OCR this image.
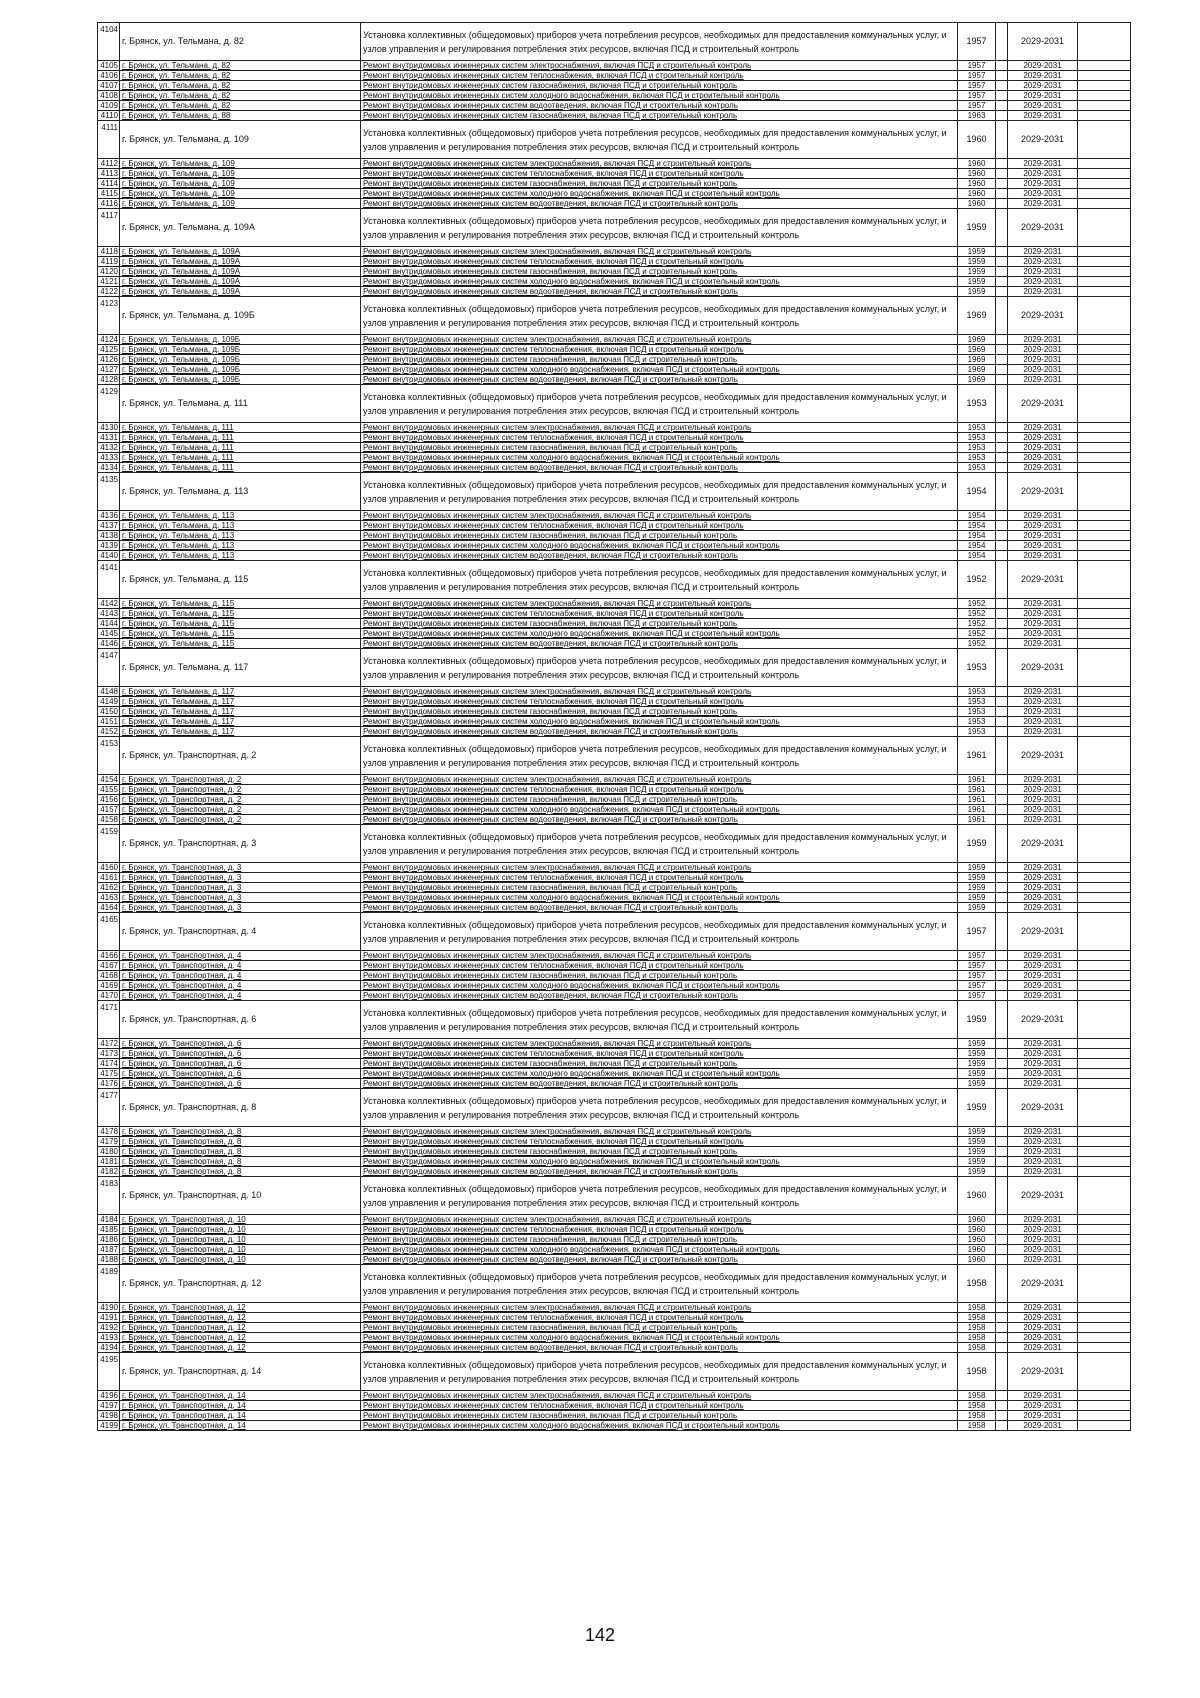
4104	г. Брянск, ул. Тельмана, д. 82	Установка коллективных (общедомовых) приборов учета потребления ресурсов, необходимых для предоставления коммунальных услуг, и узлов управления и регулирования потребления этих ресурсов, включая ПСД и строительный контроль	1957		2029-2031	
4105	г. Брянск, ул. Тельмана, д. 82	Ремонт внутридомовых инженерных систем электроснабжения, включая ПСД и строительный контроль	1957		2029-2031	
4106	г. Брянск, ул. Тельмана, д. 82	Ремонт внутридомовых инженерных систем теплоснабжения, включая ПСД и строительный контроль	1957		2029-2031	
4107	г. Брянск, ул. Тельмана, д. 82	Ремонт внутридомовых инженерных систем газоснабжения, включая ПСД и строительный контроль	1957		2029-2031	
4108	г. Брянск, ул. Тельмана, д. 82	Ремонт внутридомовых инженерных систем холодного водоснабжения, включая ПСД и строительный контроль	1957		2029-2031	
4109	г. Брянск, ул. Тельмана, д. 82	Ремонт внутридомовых инженерных систем водоотведения, включая ПСД и строительный контроль	1957		2029-2031	
4110	г. Брянск, ул. Тельмана, д. 88	Ремонт внутридомовых инженерных систем газоснабжения, включая ПСД и строительный контроль	1963		2029-2031	
4111	г. Брянск, ул. Тельмана, д. 109	Установка коллективных (общедомовых) приборов учета потребления ресурсов, необходимых для предоставления коммунальных услуг, и узлов управления и регулирования потребления этих ресурсов, включая ПСД и строительный контроль	1960		2029-2031	
4112	г. Брянск, ул. Тельмана, д. 109	Ремонт внутридомовых инженерных систем электроснабжения, включая ПСД и строительный контроль	1960		2029-2031	
4113	г. Брянск, ул. Тельмана, д. 109	Ремонт внутридомовых инженерных систем теплоснабжения, включая ПСД и строительный контроль	1960		2029-2031	
4114	г. Брянск, ул. Тельмана, д. 109	Ремонт внутридомовых инженерных систем газоснабжения, включая ПСД и строительный контроль	1960		2029-2031	
4115	г. Брянск, ул. Тельмана, д. 109	Ремонт внутридомовых инженерных систем холодного водоснабжения, включая ПСД и строительный контроль	1960		2029-2031	
4116	г. Брянск, ул. Тельмана, д. 109	Ремонт внутридомовых инженерных систем водоотведения, включая ПСД и строительный контроль	1960		2029-2031	
4117	г. Брянск, ул. Тельмана, д. 109А	Установка коллективных (общедомовых) приборов учета потребления ресурсов, необходимых для предоставления коммунальных услуг, и узлов управления и регулирования потребления этих ресурсов, включая ПСД и строительный контроль	1959		2029-2031	
4118	г. Брянск, ул. Тельмана, д. 109А	Ремонт внутридомовых инженерных систем электроснабжения, включая ПСД и строительный контроль	1959		2029-2031	
4119	г. Брянск, ул. Тельмана, д. 109А	Ремонт внутридомовых инженерных систем теплоснабжения, включая ПСД и строительный контроль	1959		2029-2031	
4120	г. Брянск, ул. Тельмана, д. 109А	Ремонт внутридомовых инженерных систем газоснабжения, включая ПСД и строительный контроль	1959		2029-2031	
4121	г. Брянск, ул. Тельмана, д. 109А	Ремонт внутридомовых инженерных систем холодного водоснабжения, включая ПСД и строительный контроль	1959		2029-2031	
4122	г. Брянск, ул. Тельмана, д. 109А	Ремонт внутридомовых инженерных систем водоотведения, включая ПСД и строительный контроль	1959		2029-2031	
4123	г. Брянск, ул. Тельмана, д. 109Б	Установка коллективных (общедомовых) приборов учета потребления ресурсов, необходимых для предоставления коммунальных услуг, и узлов управления и регулирования потребления этих ресурсов, включая ПСД и строительный контроль	1969		2029-2031	
4124	г. Брянск, ул. Тельмана, д. 109Б	Ремонт внутридомовых инженерных систем электроснабжения, включая ПСД и строительный контроль	1969		2029-2031	
4125	г. Брянск, ул. Тельмана, д. 109Б	Ремонт внутридомовых инженерных систем теплоснабжения, включая ПСД и строительный контроль	1969		2029-2031	
4126	г. Брянск, ул. Тельмана, д. 109Б	Ремонт внутридомовых инженерных систем газоснабжения, включая ПСД и строительный контроль	1969		2029-2031	
4127	г. Брянск, ул. Тельмана, д. 109Б	Ремонт внутридомовых инженерных систем холодного водоснабжения, включая ПСД и строительный контроль	1969		2029-2031	
4128	г. Брянск, ул. Тельмана, д. 109Б	Ремонт внутридомовых инженерных систем водоотведения, включая ПСД и строительный контроль	1969		2029-2031	
4129	г. Брянск, ул. Тельмана, д. 111	Установка коллективных (общедомовых) приборов учета потребления ресурсов, необходимых для предоставления коммунальных услуг, и узлов управления и регулирования потребления этих ресурсов, включая ПСД и строительный контроль	1953		2029-2031	
4130	г. Брянск, ул. Тельмана, д. 111	Ремонт внутридомовых инженерных систем электроснабжения, включая ПСД и строительный контроль	1953		2029-2031	
4131	г. Брянск, ул. Тельмана, д. 111	Ремонт внутридомовых инженерных систем теплоснабжения, включая ПСД и строительный контроль	1953		2029-2031	
4132	г. Брянск, ул. Тельмана, д. 111	Ремонт внутридомовых инженерных систем газоснабжения, включая ПСД и строительный контроль	1953		2029-2031	
4133	г. Брянск, ул. Тельмана, д. 111	Ремонт внутридомовых инженерных систем холодного водоснабжения, включая ПСД и строительный контроль	1953		2029-2031	
4134	г. Брянск, ул. Тельмана, д. 111	Ремонт внутридомовых инженерных систем водоотведения, включая ПСД и строительный контроль	1953		2029-2031	
4135	г. Брянск, ул. Тельмана, д. 113	Установка коллективных (общедомовых) приборов учета потребления ресурсов, необходимых для предоставления коммунальных услуг, и узлов управления и регулирования потребления этих ресурсов, включая ПСД и строительный контроль	1954		2029-2031	
4136	г. Брянск, ул. Тельмана, д. 113	Ремонт внутридомовых инженерных систем электроснабжения, включая ПСД и строительный контроль	1954		2029-2031	
4137	г. Брянск, ул. Тельмана, д. 113	Ремонт внутридомовых инженерных систем теплоснабжения, включая ПСД и строительный контроль	1954		2029-2031	
4138	г. Брянск, ул. Тельмана, д. 113	Ремонт внутридомовых инженерных систем газоснабжения, включая ПСД и строительный контроль	1954		2029-2031	
4139	г. Брянск, ул. Тельмана, д. 113	Ремонт внутридомовых инженерных систем холодного водоснабжения, включая ПСД и строительный контроль	1954		2029-2031	
4140	г. Брянск, ул. Тельмана, д. 113	Ремонт внутридомовых инженерных систем водоотведения, включая ПСД и строительный контроль	1954		2029-2031	
4141	г. Брянск, ул. Тельмана, д. 115	Установка коллективных (общедомовых) приборов учета потребления ресурсов, необходимых для предоставления коммунальных услуг, и узлов управления и регулирования потребления этих ресурсов, включая ПСД и строительный контроль	1952		2029-2031	
4142	г. Брянск, ул. Тельмана, д. 115	Ремонт внутридомовых инженерных систем электроснабжения, включая ПСД и строительный контроль	1952		2029-2031	
4143	г. Брянск, ул. Тельмана, д. 115	Ремонт внутридомовых инженерных систем теплоснабжения, включая ПСД и строительный контроль	1952		2029-2031	
4144	г. Брянск, ул. Тельмана, д. 115	Ремонт внутридомовых инженерных систем газоснабжения, включая ПСД и строительный контроль	1952		2029-2031	
4145	г. Брянск, ул. Тельмана, д. 115	Ремонт внутридомовых инженерных систем холодного водоснабжения, включая ПСД и строительный контроль	1952		2029-2031	
4146	г. Брянск, ул. Тельмана, д. 115	Ремонт внутридомовых инженерных систем водоотведения, включая ПСД и строительный контроль	1952		2029-2031	
4147	г. Брянск, ул. Тельмана, д. 117	Установка коллективных (общедомовых) приборов учета потребления ресурсов, необходимых для предоставления коммунальных услуг, и узлов управления и регулирования потребления этих ресурсов, включая ПСД и строительный контроль	1953		2029-2031	
4148	г. Брянск, ул. Тельмана, д. 117	Ремонт внутридомовых инженерных систем электроснабжения, включая ПСД и строительный контроль	1953		2029-2031	
4149	г. Брянск, ул. Тельмана, д. 117	Ремонт внутридомовых инженерных систем теплоснабжения, включая ПСД и строительный контроль	1953		2029-2031	
4150	г. Брянск, ул. Тельмана, д. 117	Ремонт внутридомовых инженерных систем газоснабжения, включая ПСД и строительный контроль	1953		2029-2031	
4151	г. Брянск, ул. Тельмана, д. 117	Ремонт внутридомовых инженерных систем холодного водоснабжения, включая ПСД и строительный контроль	1953		2029-2031	
4152	г. Брянск, ул. Тельмана, д. 117	Ремонт внутридомовых инженерных систем водоотведения, включая ПСД и строительный контроль	1953		2029-2031	
4153	г. Брянск, ул. Транспортная, д. 2	Установка коллективных (общедомовых) приборов учета потребления ресурсов, необходимых для предоставления коммунальных услуг, и узлов управления и регулирования потребления этих ресурсов, включая ПСД и строительный контроль	1961		2029-2031	
4154	г. Брянск, ул. Транспортная, д. 2	Ремонт внутридомовых инженерных систем электроснабжения, включая ПСД и строительный контроль	1961		2029-2031	
4155	г. Брянск, ул. Транспортная, д. 2	Ремонт внутридомовых инженерных систем теплоснабжения, включая ПСД и строительный контроль	1961		2029-2031	
4156	г. Брянск, ул. Транспортная, д. 2	Ремонт внутридомовых инженерных систем газоснабжения, включая ПСД и строительный контроль	1961		2029-2031	
4157	г. Брянск, ул. Транспортная, д. 2	Ремонт внутридомовых инженерных систем холодного водоснабжения, включая ПСД и строительный контроль	1961		2029-2031	
4158	г. Брянск, ул. Транспортная, д. 2	Ремонт внутридомовых инженерных систем водоотведения, включая ПСД и строительный контроль	1961		2029-2031	
4159	г. Брянск, ул. Транспортная, д. 3	Установка коллективных (общедомовых) приборов учета потребления ресурсов, необходимых для предоставления коммунальных услуг, и узлов управления и регулирования потребления этих ресурсов, включая ПСД и строительный контроль	1959		2029-2031	
4160	г. Брянск, ул. Транспортная, д. 3	Ремонт внутридомовых инженерных систем электроснабжения, включая ПСД и строительный контроль	1959		2029-2031	
4161	г. Брянск, ул. Транспортная, д. 3	Ремонт внутридомовых инженерных систем теплоснабжения, включая ПСД и строительный контроль	1959		2029-2031	
4162	г. Брянск, ул. Транспортная, д. 3	Ремонт внутридомовых инженерных систем газоснабжения, включая ПСД и строительный контроль	1959		2029-2031	
4163	г. Брянск, ул. Транспортная, д. 3	Ремонт внутридомовых инженерных систем холодного водоснабжения, включая ПСД и строительный контроль	1959		2029-2031	
4164	г. Брянск, ул. Транспортная, д. 3	Ремонт внутридомовых инженерных систем водоотведения, включая ПСД и строительный контроль	1959		2029-2031	
4165	г. Брянск, ул. Транспортная, д. 4	Установка коллективных (общедомовых) приборов учета потребления ресурсов, необходимых для предоставления коммунальных услуг, и узлов управления и регулирования потребления этих ресурсов, включая ПСД и строительный контроль	1957		2029-2031	
4166	г. Брянск, ул. Транспортная, д. 4	Ремонт внутридомовых инженерных систем электроснабжения, включая ПСД и строительный контроль	1957		2029-2031	
4167	г. Брянск, ул. Транспортная, д. 4	Ремонт внутридомовых инженерных систем теплоснабжения, включая ПСД и строительный контроль	1957		2029-2031	
4168	г. Брянск, ул. Транспортная, д. 4	Ремонт внутридомовых инженерных систем газоснабжения, включая ПСД и строительный контроль	1957		2029-2031	
4169	г. Брянск, ул. Транспортная, д. 4	Ремонт внутридомовых инженерных систем холодного водоснабжения, включая ПСД и строительный контроль	1957		2029-2031	
4170	г. Брянск, ул. Транспортная, д. 4	Ремонт внутридомовых инженерных систем водоотведения, включая ПСД и строительный контроль	1957		2029-2031	
4171	г. Брянск, ул. Транспортная, д. 6	Установка коллективных (общедомовых) приборов учета потребления ресурсов, необходимых для предоставления коммунальных услуг, и узлов управления и регулирования потребления этих ресурсов, включая ПСД и строительный контроль	1959		2029-2031	
4172	г. Брянск, ул. Транспортная, д. 6	Ремонт внутридомовых инженерных систем электроснабжения, включая ПСД и строительный контроль	1959		2029-2031	
4173	г. Брянск, ул. Транспортная, д. 6	Ремонт внутридомовых инженерных систем теплоснабжения, включая ПСД и строительный контроль	1959		2029-2031	
4174	г. Брянск, ул. Транспортная, д. 6	Ремонт внутридомовых инженерных систем газоснабжения, включая ПСД и строительный контроль	1959		2029-2031	
4175	г. Брянск, ул. Транспортная, д. 6	Ремонт внутридомовых инженерных систем холодного водоснабжения, включая ПСД и строительный контроль	1959		2029-2031	
4176	г. Брянск, ул. Транспортная, д. 6	Ремонт внутридомовых инженерных систем водоотведения, включая ПСД и строительный контроль	1959		2029-2031	
4177	г. Брянск, ул. Транспортная, д. 8	Установка коллективных (общедомовых) приборов учета потребления ресурсов, необходимых для предоставления коммунальных услуг, и узлов управления и регулирования потребления этих ресурсов, включая ПСД и строительный контроль	1959		2029-2031	
4178	г. Брянск, ул. Транспортная, д. 8	Ремонт внутридомовых инженерных систем электроснабжения, включая ПСД и строительный контроль	1959		2029-2031	
4179	г. Брянск, ул. Транспортная, д. 8	Ремонт внутридомовых инженерных систем теплоснабжения, включая ПСД и строительный контроль	1959		2029-2031	
4180	г. Брянск, ул. Транспортная, д. 8	Ремонт внутридомовых инженерных систем газоснабжения, включая ПСД и строительный контроль	1959		2029-2031	
4181	г. Брянск, ул. Транспортная, д. 8	Ремонт внутридомовых инженерных систем холодного водоснабжения, включая ПСД и строительный контроль	1959		2029-2031	
4182	г. Брянск, ул. Транспортная, д. 8	Ремонт внутридомовых инженерных систем водоотведения, включая ПСД и строительный контроль	1959		2029-2031	
4183	г. Брянск, ул. Транспортная, д. 10	Установка коллективных (общедомовых) приборов учета потребления ресурсов, необходимых для предоставления коммунальных услуг, и узлов управления и регулирования потребления этих ресурсов, включая ПСД и строительный контроль	1960		2029-2031	
4184	г. Брянск, ул. Транспортная, д. 10	Ремонт внутридомовых инженерных систем электроснабжения, включая ПСД и строительный контроль	1960		2029-2031	
4185	г. Брянск, ул. Транспортная, д. 10	Ремонт внутридомовых инженерных систем теплоснабжения, включая ПСД и строительный контроль	1960		2029-2031	
4186	г. Брянск, ул. Транспортная, д. 10	Ремонт внутридомовых инженерных систем газоснабжения, включая ПСД и строительный контроль	1960		2029-2031	
4187	г. Брянск, ул. Транспортная, д. 10	Ремонт внутридомовых инженерных систем холодного водоснабжения, включая ПСД и строительный контроль	1960		2029-2031	
4188	г. Брянск, ул. Транспортная, д. 10	Ремонт внутридомовых инженерных систем водоотведения, включая ПСД и строительный контроль	1960		2029-2031	
4189	г. Брянск, ул. Транспортная, д. 12	Установка коллективных (общедомовых) приборов учета потребления ресурсов, необходимых для предоставления коммунальных услуг, и узлов управления и регулирования потребления этих ресурсов, включая ПСД и строительный контроль	1958		2029-2031	
4190	г. Брянск, ул. Транспортная, д. 12	Ремонт внутридомовых инженерных систем электроснабжения, включая ПСД и строительный контроль	1958		2029-2031	
4191	г. Брянск, ул. Транспортная, д. 12	Ремонт внутридомовых инженерных систем теплоснабжения, включая ПСД и строительный контроль	1958		2029-2031	
4192	г. Брянск, ул. Транспортная, д. 12	Ремонт внутридомовых инженерных систем газоснабжения, включая ПСД и строительный контроль	1958		2029-2031	
4193	г. Брянск, ул. Транспортная, д. 12	Ремонт внутридомовых инженерных систем холодного водоснабжения, включая ПСД и строительный контроль	1958		2029-2031	
4194	г. Брянск, ул. Транспортная, д. 12	Ремонт внутридомовых инженерных систем водоотведения, включая ПСД и строительный контроль	1958		2029-2031	
4195	г. Брянск, ул. Транспортная, д. 14	Установка коллективных (общедомовых) приборов учета потребления ресурсов, необходимых для предоставления коммунальных услуг, и узлов управления и регулирования потребления этих ресурсов, включая ПСД и строительный контроль	1958		2029-2031	
4196	г. Брянск, ул. Транспортная, д. 14	Ремонт внутридомовых инженерных систем электроснабжения, включая ПСД и строительный контроль	1958		2029-2031	
4197	г. Брянск, ул. Транспортная, д. 14	Ремонт внутридомовых инженерных систем теплоснабжения, включая ПСД и строительный контроль	1958		2029-2031	
4198	г. Брянск, ул. Транспортная, д. 14	Ремонт внутридомовых инженерных систем газоснабжения, включая ПСД и строительный контроль	1958		2029-2031	
4199	г. Брянск, ул. Транспортная, д. 14	Ремонт внутридомовых инженерных систем холодного водоснабжения, включая ПСД и строительный контроль	1958		2029-2031	
142
